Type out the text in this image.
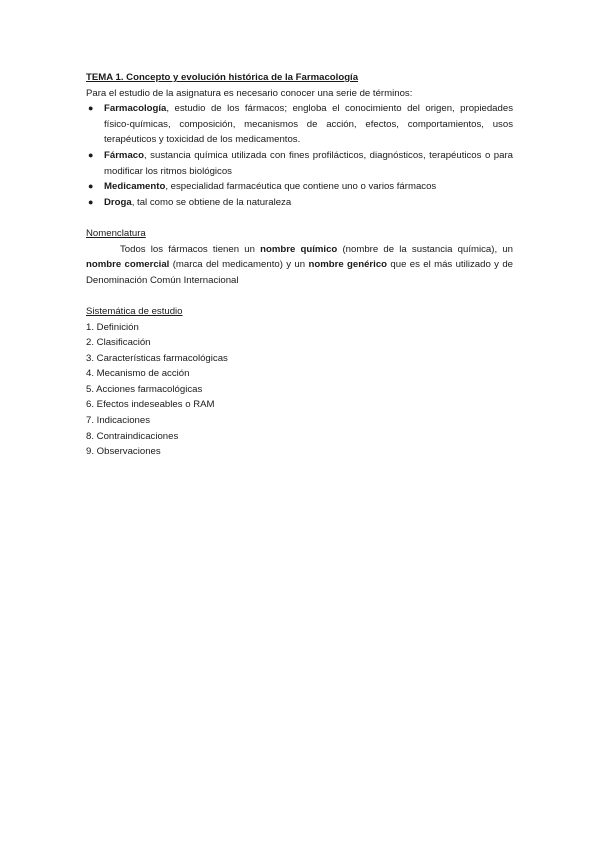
TEMA 1. Concepto y evolución histórica de la Farmacología

Para el estudio de la asignatura es necesario conocer una serie de términos:

● Farmacología, estudio de los fármacos; engloba el conocimiento del origen, propiedades físico-químicas, composición, mecanismos de acción, efectos, comportamientos, usos terapéuticos y toxicidad de los medicamentos.
● Fármaco, sustancia química utilizada con fines profilácticos, diagnósticos, terapéuticos o para modificar los ritmos biológicos
● Medicamento, especialidad farmacéutica que contiene uno o varios fármacos
● Droga, tal como se obtiene de la naturaleza

Nomenclatura

Todos los fármacos tienen un nombre químico (nombre de la sustancia química), un nombre comercial (marca del medicamento) y un nombre genérico que es el más utilizado y de Denominación Común Internacional

Sistemática de estudio

1. Definición
2. Clasificación
3. Características farmacológicas
4. Mecanismo de acción
5. Acciones farmacológicas
6. Efectos indeseables o RAM
7. Indicaciones
8. Contraindicaciones
9. Observaciones
